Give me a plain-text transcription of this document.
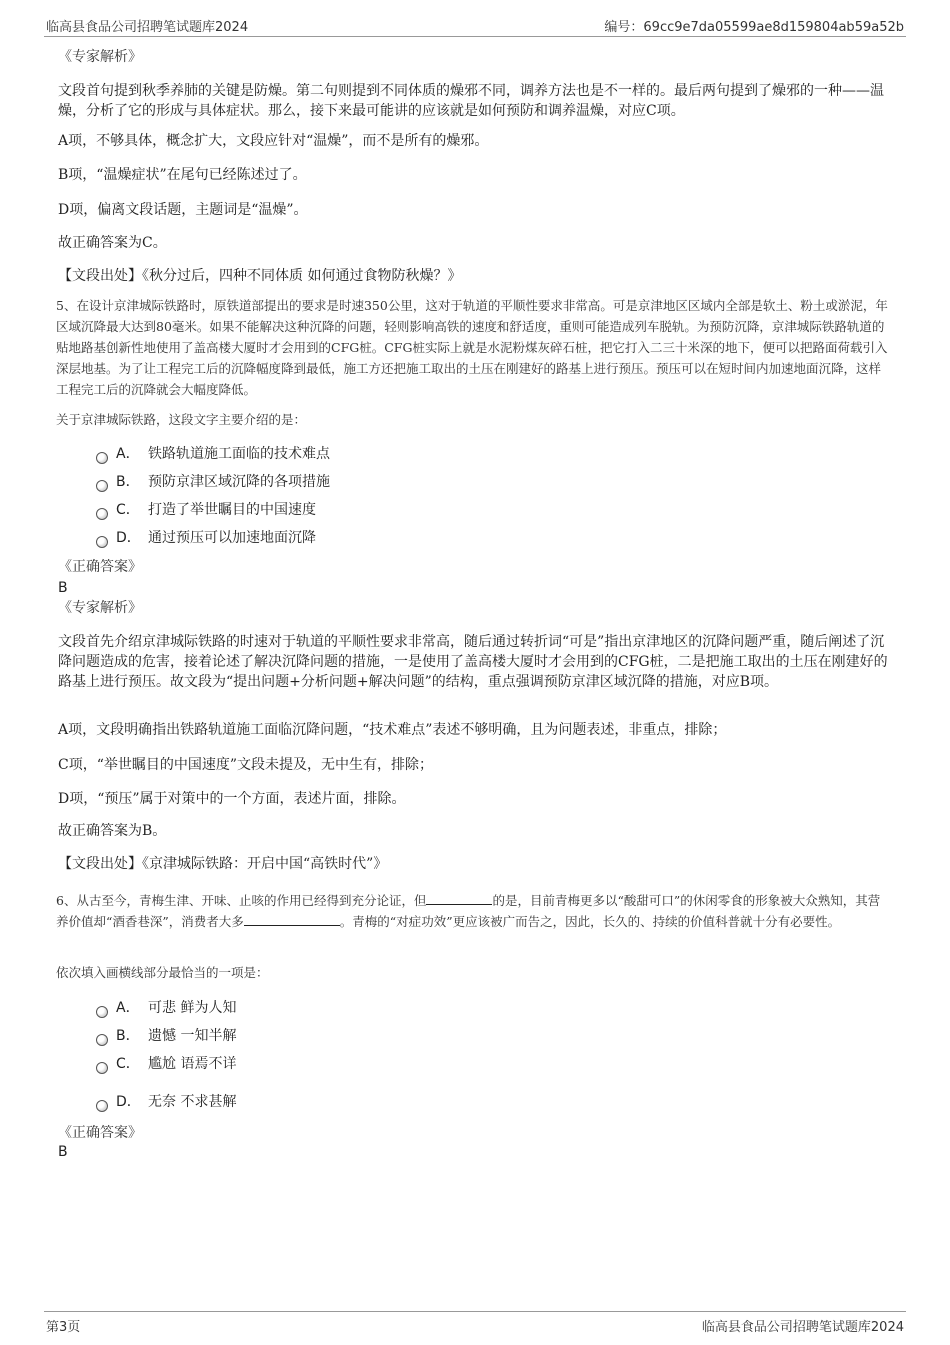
临高县食品公司招聘笔试题库2024	编号：69cc9e7da05599ae8d159804ab59a52b
《专家解析》
文段首句提到秋季养肺的关键是防燥。第二句则提到不同体质的燥邪不同，调养方法也是不一样的。最后两句提到了燥邪的一种——温燥，分析了它的形成与具体症状。那么，接下来最可能讲的应该就是如何预防和调养温燥，对应C项。
A项，不够具体，概念扩大，文段应针对“温燥”，而不是所有的燥邪。
B项，“温燥症状”在尾句已经陈述过了。
D项，偏离文段话题，主题词是“温燥”。
故正确答案为C。
【文段出处】《秋分过后，四种不同体质 如何通过食物防秋燥？》
5、在设计京津城际铁路时，原铁道部提出的要求是时速350公里，这对于轨道的平顺性要求非常高。可是京津地区区域内全部是软土、粉土或淤泥，年区域沉降最大达到80毫米。如果不能解决这种沉降的问题，轻则影响高铁的速度和舒适度，重则可能造成列车脱轨。为预防沉降，京津城际铁路轨道的贴地路基创新性地使用了盖高楼大厦时才会用到的CFG桩。CFG桩实际上就是水泥粉煤灰碎石桩，把它打入二三十米深的地下，便可以把路面荷载引入深层地基。为了让工程完工后的沉降幅度降到最低，施工方还把施工取出的土压在刚建好的路基上进行预压。预压可以在短时间内加速地面沉降，这样工程完工后的沉降就会大幅度降低。
关于京津城际铁路，这段文字主要介绍的是：
A． 铁路轨道施工面临的技术难点
B． 预防京津区域沉降的各项措施
C． 打造了举世瞩目的中国速度
D． 通过预压可以加速地面沉降
《正确答案》
B
《专家解析》
文段首先介绍京津城际铁路的时速对于轨道的平顺性要求非常高，随后通过转折词“可是”指出京津地区的沉降问题严重，随后阐述了沉降问题造成的危害，接着论述了解决沉降问题的措施，一是使用了盖高楼大厦时才会用到的CFG桩，二是把施工取出的土压在刚建好的路基上进行预压。故文段为“提出问题+分析问题+解决问题”的结构，重点强调预防京津区域沉降的措施，对应B项。
A项，文段明确指出铁路轨道施工面临沉降问题，“技术难点”表述不够明确，且为问题表述，非重点，排除；
C项，“举世瞩目的中国速度”文段未提及，无中生有，排除；
D项，“预压”属于对策中的一个方面，表述片面，排除。
故正确答案为B。
【文段出处】《京津城际铁路：开启中国“高铁时代”》
6、从古至今，青梅生津、开味、止咳的作用已经得到充分论证，但	的是，目前青梅更多以“酸甜可口”的休闲零食的形象被大众熟知，其营养价值却“酒香巷深”，消费者大多	。青梅的“对症功效”更应该被广而告之，因此，长久的、持续的价值科普就十分有必要性。
依次填入画横线部分最恰当的一项是：
A． 可悲 鲜为人知
B． 遗憾 一知半解
C． 尴尬 语焉不详
D． 无奈 不求甚解
《正确答案》
B
第3页	临高县食品公司招聘笔试题库2024
